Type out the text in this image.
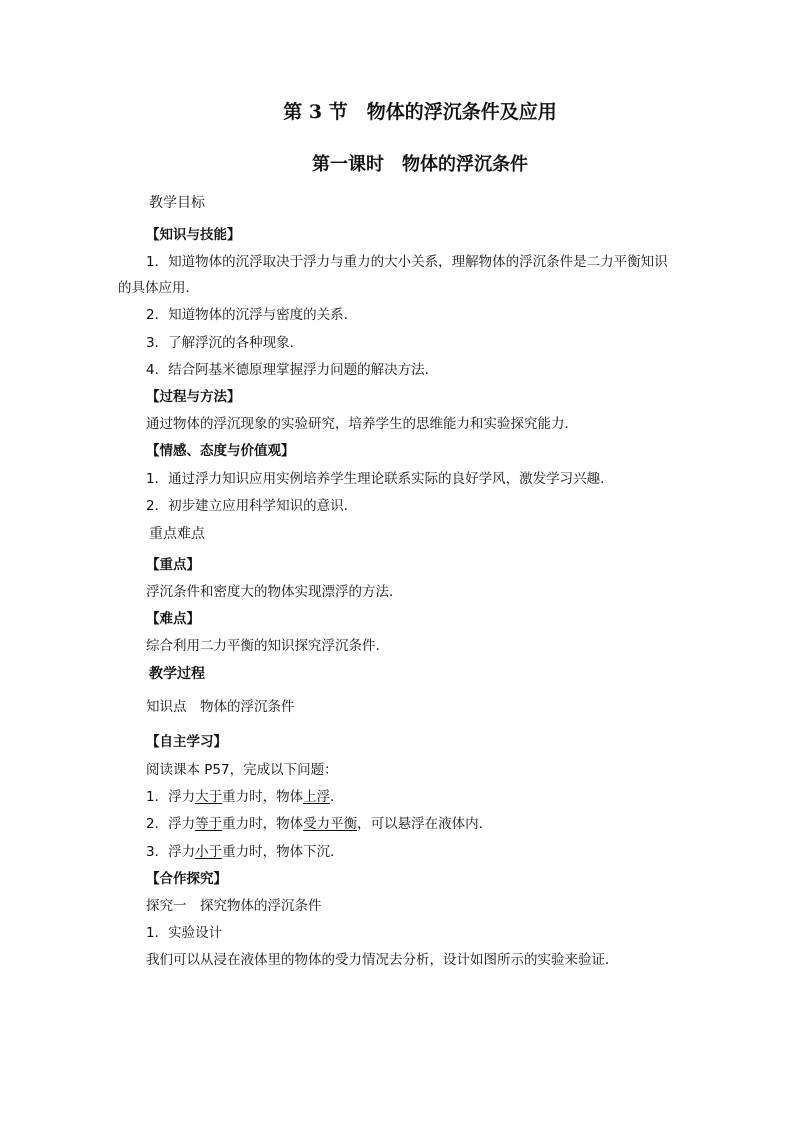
第 3 节　物体的浮沉条件及应用
第一课时　物体的浮沉条件
教学目标
【知识与技能】
1．知道物体的沉浮取决于浮力与重力的大小关系，理解物体的浮沉条件是二力平衡知识
的具体应用．
2．知道物体的沉浮与密度的关系．
3．了解浮沉的各种现象．
4．结合阿基米德原理掌握浮力问题的解决方法．
【过程与方法】
通过物体的浮沉现象的实验研究，培养学生的思维能力和实验探究能力．
【情感、态度与价值观】
1．通过浮力知识应用实例培养学生理论联系实际的良好学风，激发学习兴趣．
2．初步建立应用科学知识的意识.
重点难点
【重点】
浮沉条件和密度大的物体实现漂浮的方法．
【难点】
综合利用二力平衡的知识探究浮沉条件.
教学过程
知识点　物体的浮沉条件
【自主学习】
阅读课本 P57，完成以下问题：
1．浮力大于重力时，物体上浮．
2．浮力等于重力时，物体受力平衡，可以悬浮在液体内．
3．浮力小于重力时，物体下沉．
【合作探究】
探究一　探究物体的浮沉条件
1．实验设计
我们可以从浸在液体里的物体的受力情况去分析，设计如图所示的实验来验证．
